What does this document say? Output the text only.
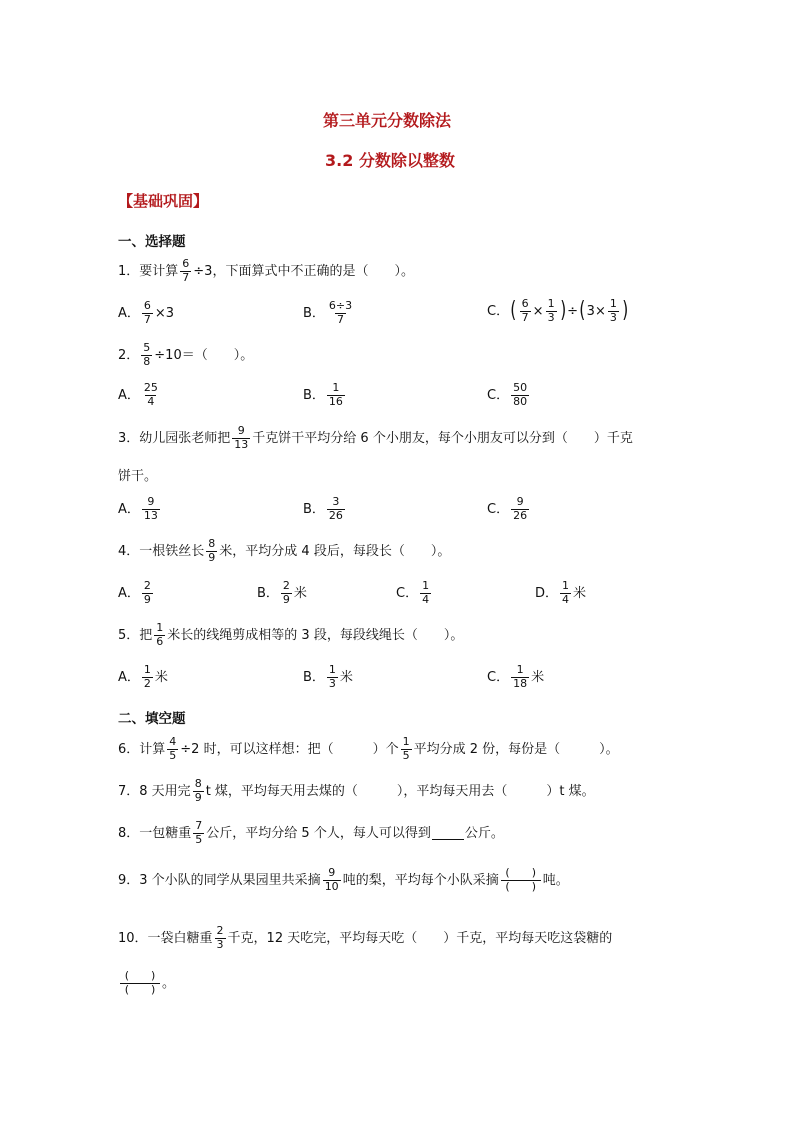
第三单元分数除法
3.2 分数除以整数
【基础巩固】
一、选择题
1．要计算 $\frac{6}{7} \div 3$，下面算式中不正确的是（　　）。
A． $\frac{6}{7} \times 3$	B． $\frac{6\div 3}{7}$	C． ( $\frac{6}{7} \times \frac{1}{3}$ ) ÷ ( $3\times \frac{1}{3}$ )
2． $\frac{5}{8} \div 10=$（　　）。
A． $\frac{25}{4}$	B． $\frac{1}{16}$	C． $\frac{50}{80}$
3．幼儿园张老师把 $\frac{9}{13}$ 千克饼干平均分给 6 个小朋友，每个小朋友可以分到（　　）千克
饼干。
A． $\frac{9}{13}$	B． $\frac{3}{26}$	C． $\frac{9}{26}$
4．一根铁丝长 $\frac{8}{9}$ 米，平均分成 4 段后，每段长（　　）。
A． $\frac{2}{9}$	B． $\frac{2}{9}$ 米	C． $\frac{1}{4}$	D． $\frac{1}{4}$ 米
5．把 $\frac{1}{6}$ 米长的线绳剪成相等的 3 段，每段线绳长（　　）。
A． $\frac{1}{2}$ 米	B． $\frac{1}{3}$ 米	C． $\frac{1}{18}$ 米
二、填空题
6．计算 $\frac{4}{5} \div 2$ 时，可以这样想：把（　　　）个 $\frac{1}{5}$ 平均分成 2 份，每份是（　　　）。
7．8 天用完 $\frac{8}{9}$ t 煤，平均每天用去煤的（　　　），平均每天用去（　　　）t 煤。
8．一包糖重 $\frac{7}{5}$ 公斤，平均分给 5 个人，每人可以得到	公斤。
9．3 个小队的同学从果园里共采摘 $\frac{9}{10}$ 吨的梨，平均每个小队采摘 $\frac{( )}{( )}$ 吨。
10．一袋白糖重 $\frac{2}{3}$ 千克，12 天吃完，平均每天吃（　　）千克，平均每天吃这袋糖的
$\frac{( )}{( )}$ 。
